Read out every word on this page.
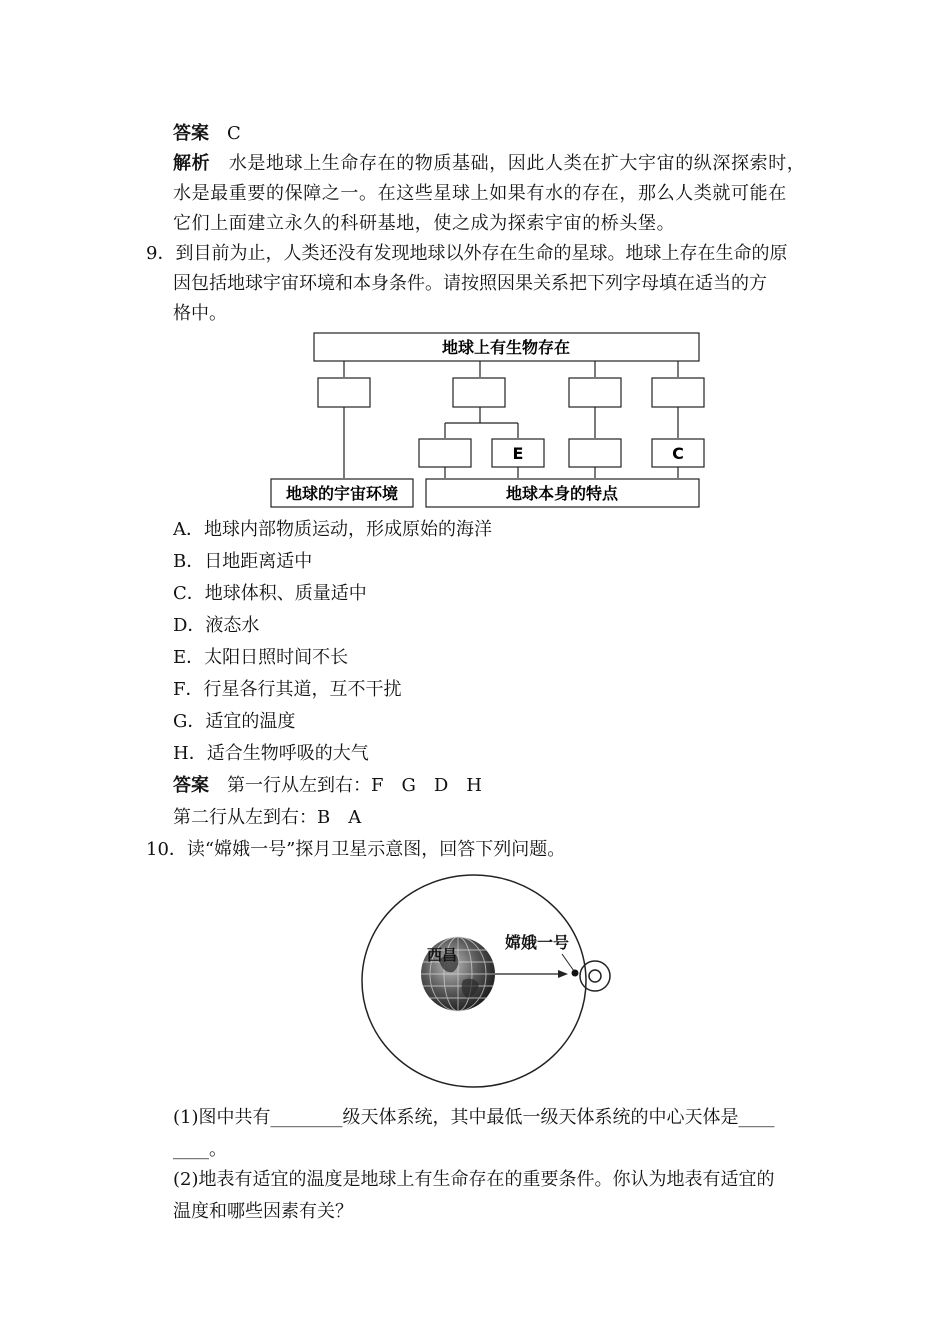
答案　 C
解析　 水是地球上生命存在的物质基础，因此人类在扩大宇宙的纵深探索时，
水是最重要的保障之一。在这些星球上如果有水的存在，那么人类就可能在
它们上面建立永久的科研基地，使之成为探索宇宙的桥头堡。
9．到目前为止，人类还没有发现地球以外存在生命的星球。地球上存在生命的原
因包括地球宇宙环境和本身条件。请按照因果关系把下列字母填在适当的方
格中。
地球上有生物存在
E	C
地球的宇宙环境	地球本身的特点
A．地球内部物质运动，形成原始的海洋
B．日地距离适中
C．地球体积、质量适中
D．液态水
E．太阳日照时间不长
F．行星各行其道，互不干扰
G．适宜的温度
H．适合生物呼吸的大气
答案　 第一行从左到右：F　G　D　H
第二行从左到右：B　A
10．读“嫦娥一号”探月卫星示意图，回答下列问题。
西昌
嫦娥一号
(1)图中共有________级天体系统，其中最低一级天体系统的中心天体是____
____。
(2)地表有适宜的温度是地球上有生命存在的重要条件。你认为地表有适宜的
温度和哪些因素有关？
